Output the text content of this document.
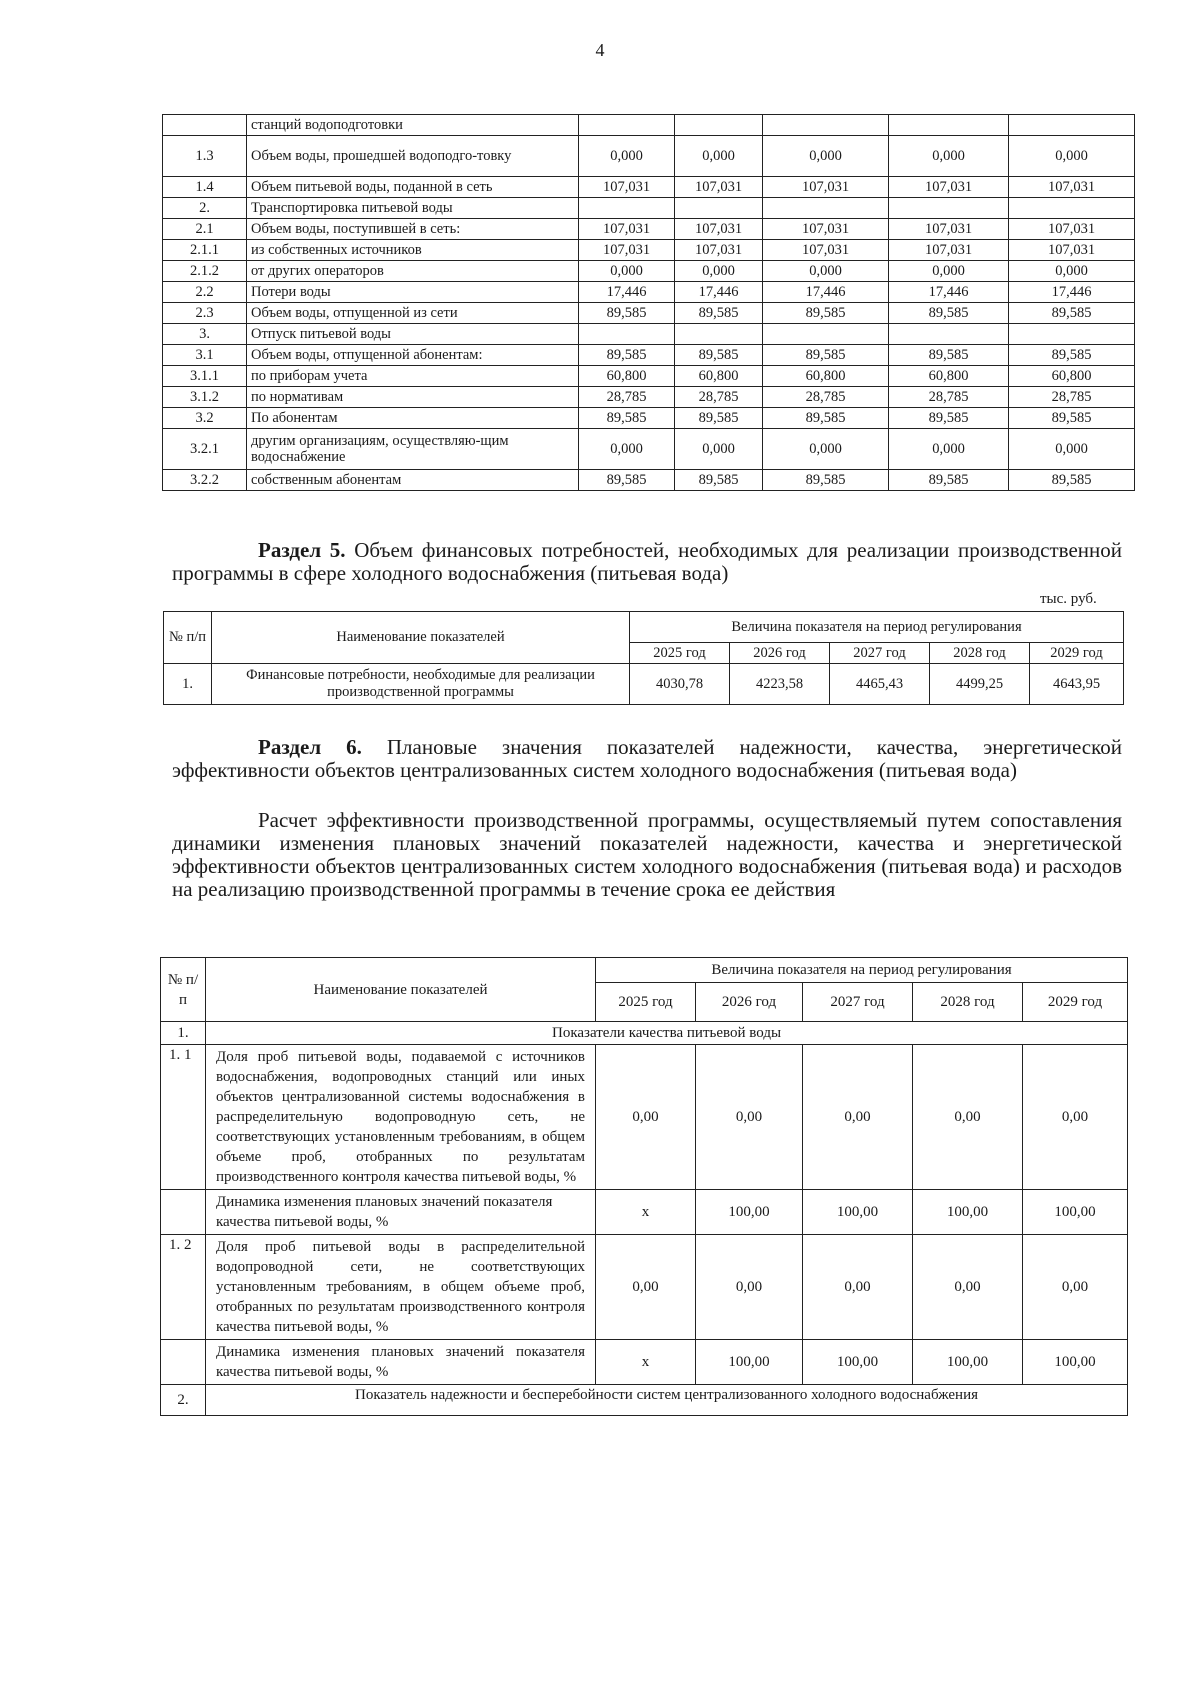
4
	станций водоподготовки					
1.3	Объем воды, прошедшей водоподго-товку	0,000	0,000	0,000	0,000	0,000
1.4	Объем питьевой воды, поданной в сеть	107,031	107,031	107,031	107,031	107,031
2.	Транспортировка питьевой воды					
2.1	Объем воды, поступившей в сеть:	107,031	107,031	107,031	107,031	107,031
2.1.1	из собственных источников	107,031	107,031	107,031	107,031	107,031
2.1.2	от других операторов	0,000	0,000	0,000	0,000	0,000
2.2	Потери воды	17,446	17,446	17,446	17,446	17,446
2.3	Объем воды, отпущенной из сети	89,585	89,585	89,585	89,585	89,585
3.	Отпуск питьевой воды					
3.1	Объем воды, отпущенной абонентам:	89,585	89,585	89,585	89,585	89,585
3.1.1	по приборам учета	60,800	60,800	60,800	60,800	60,800
3.1.2	по нормативам	28,785	28,785	28,785	28,785	28,785
3.2	По абонентам	89,585	89,585	89,585	89,585	89,585
3.2.1	другим организациям, осуществляю-щим водоснабжение	0,000	0,000	0,000	0,000	0,000
3.2.2	собственным абонентам	89,585	89,585	89,585	89,585	89,585
Раздел 5. Объем финансовых потребностей, необходимых для реализации производственной программы в сфере холодного водоснабжения (питьевая вода)
тыс. руб.
№ п/п	Наименование показателей	Величина показателя на период регулирования				
		2025 год	2026 год	2027 год	2028 год	2029 год
1.	Финансовые потребности, необходимые для реализации производственной программы	4030,78	4223,58	4465,43	4499,25	4643,95
Раздел 6. Плановые значения показателей надежности, качества, энергетической эффективности объектов централизованных систем холодного водоснабжения (питьевая вода)
Расчет эффективности производственной программы, осуществляемый путем сопоставления динамики изменения плановых значений показателей надежности, качества и энергетической эффективности объектов централизованных систем холодного водоснабжения (питьевая вода) и расходов на реализацию производственной программы в течение срока ее действия
№ п/ п	Наименование показателей	Величина показателя на период регулирования				
		2025 год	2026 год	2027 год	2028 год	2029 год
1.	Показатели качества питьевой воды					
1. 1	Доля проб питьевой воды, подаваемой с источников водоснабжения, водопроводных станций или иных объектов централизованной системы водоснабжения в распределительную водопроводную сеть, не соответствующих установленным требованиям, в общем объеме проб, отобранных по результатам производственного контроля качества питьевой воды, %	0,00	0,00	0,00	0,00	0,00
	Динамика изменения плановых значений показателя качества питьевой воды, %	x	100,00	100,00	100,00	100,00
1. 2	Доля проб питьевой воды в распределительной водопроводной сети, не соответствующих установленным требованиям, в общем объеме проб, отобранных по результатам производственного контроля качества питьевой воды, %	0,00	0,00	0,00	0,00	0,00
	Динамика изменения плановых значений показателя качества питьевой воды, %	x	100,00	100,00	100,00	100,00
2.	Показатель надежности и бесперебойности систем централизованного холодного водоснабжения					
